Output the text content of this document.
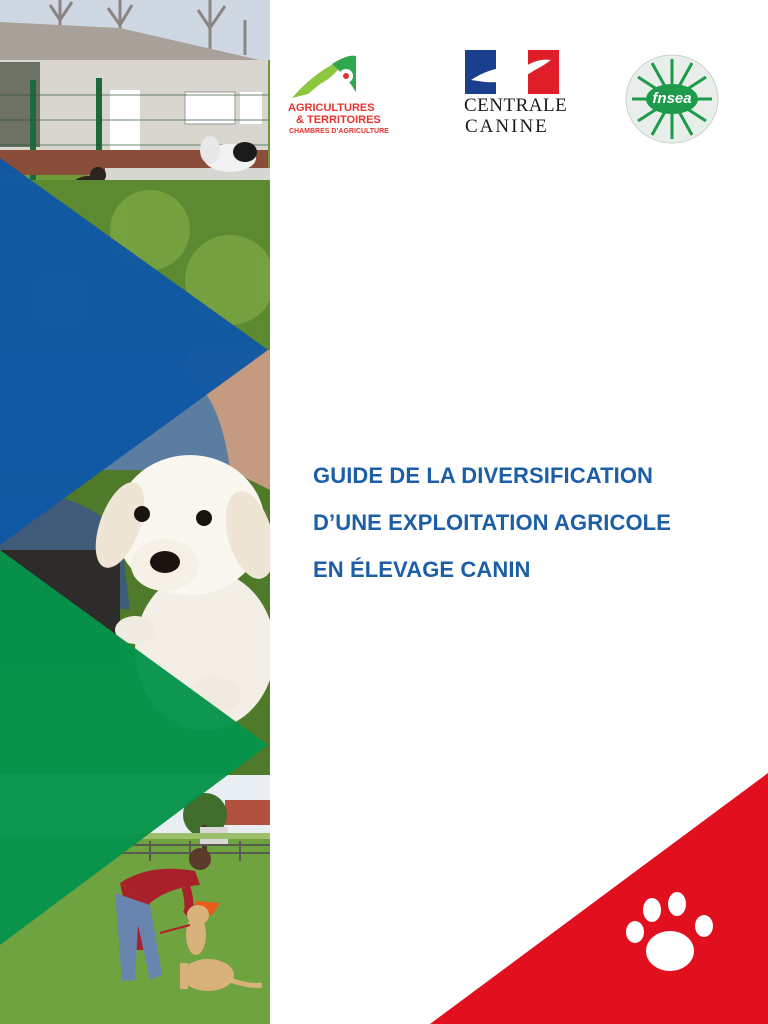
AGRICULTURES
& TERRITOIRES
CHAMBRES D’AGRICULTURE
CENTRALE
CANINE
fnsea
GUIDE DE LA DIVERSIFICATION
D’UNE EXPLOITATION AGRICOLE
EN ÉLEVAGE CANIN
